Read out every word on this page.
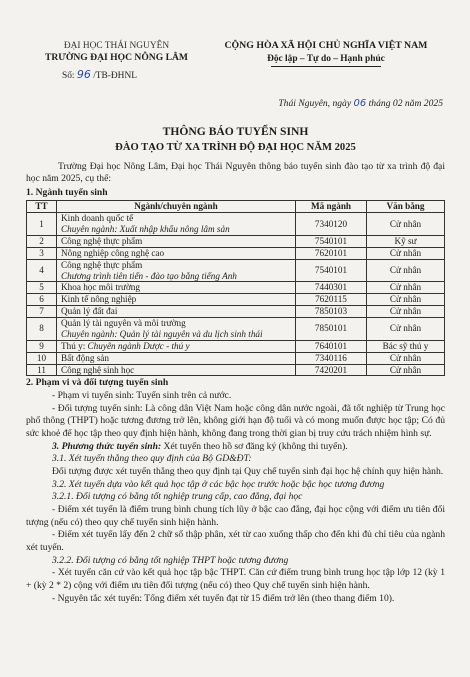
ĐẠI HỌC THÁI NGUYÊN
TRƯỜNG ĐẠI HỌC NÔNG LÂM
Số: 96 /TB-ĐHNL
CỘNG HÒA XÃ HỘI CHỦ NGHĨA VIỆT NAM
Độc lập – Tự do – Hạnh phúc
Thái Nguyên, ngày 06 tháng 02 năm 2025
THÔNG BÁO TUYỂN SINH
ĐÀO TẠO TỪ XA TRÌNH ĐỘ ĐẠI HỌC NĂM 2025

Trường Đại học Nông Lâm, Đại học Thái Nguyên thông báo tuyển sinh đào tạo từ xa trình độ đại học năm 2025, cụ thể:

1. Ngành tuyển sinh
TT	Ngành/chuyên ngành	Mã ngành	Văn bằng
1	Kinh doanh quốc tế
Chuyên ngành: Xuất nhập khẩu nông lâm sản	7340120	Cử nhân
2	Công nghệ thực phẩm	7540101	Kỹ sư
3	Nông nghiệp công nghệ cao	7620101	Cử nhân
4	Công nghệ thực phẩm
Chương trình tiên tiến - đào tạo bằng tiếng Anh	7540101	Cử nhân
5	Khoa học môi trường	7440301	Cử nhân
6	Kinh tế nông nghiệp	7620115	Cử nhân
7	Quản lý đất đai	7850103	Cử nhân
8	Quản lý tài nguyên và môi trường
Chuyên ngành: Quản lý tài nguyên và du lịch sinh thái	7850101	Cử nhân
9	Thú y: Chuyên ngành Dược - thú y	7640101	Bác sỹ thú y
10	Bất động sản	7340116	Cử nhân
11	Công nghệ sinh học	7420201	Cử nhân
2. Phạm vi và đối tượng tuyển sinh

- Phạm vi tuyển sinh: Tuyển sinh trên cả nước.

- Đối tượng tuyển sinh: Là công dân Việt Nam hoặc công dân nước ngoài, đã tốt nghiệp từ Trung học phổ thông (THPT) hoặc tương đương trở lên, không giới hạn độ tuổi và có mong muốn được học tập; Có đủ sức khoẻ để học tập theo quy định hiện hành, không đang trong thời gian bị truy cứu trách nhiệm hình sự.

3. Phương thức tuyển sinh: Xét tuyển theo hồ sơ đăng ký (không thi tuyển).

3.1. Xét tuyển thẳng theo quy định của Bộ GD&ĐT:

Đối tượng được xét tuyển thẳng theo quy định tại Quy chế tuyển sinh đại học hệ chính quy hiện hành.

3.2. Xét tuyển dựa vào kết quả học tập ở các bậc học trước hoặc bậc học tương đương

3.2.1. Đối tượng có bằng tốt nghiệp trung cấp, cao đẳng, đại học

- Điểm xét tuyển là điểm trung bình chung tích lũy ở bậc cao đẳng, đại học cộng với điểm ưu tiên đối tượng (nếu có) theo quy chế tuyển sinh hiện hành.

- Điểm xét tuyển lấy đến 2 chữ số thập phân, xét từ cao xuống thấp cho đến khi đủ chỉ tiêu của ngành xét tuyển.

3.2.2. Đối tượng có bằng tốt nghiệp THPT hoặc tương đương

- Xét tuyển căn cứ vào kết quả học tập bậc THPT. Căn cứ điểm trung bình trung học tập lớp 12 (kỳ 1 + (kỳ 2 * 2) cộng với điểm ưu tiên đối tượng (nếu có) theo Quy chế tuyển sinh hiện hành.

- Nguyên tắc xét tuyển: Tổng điểm xét tuyển đạt từ 15 điểm trở lên (theo thang điểm 10).
